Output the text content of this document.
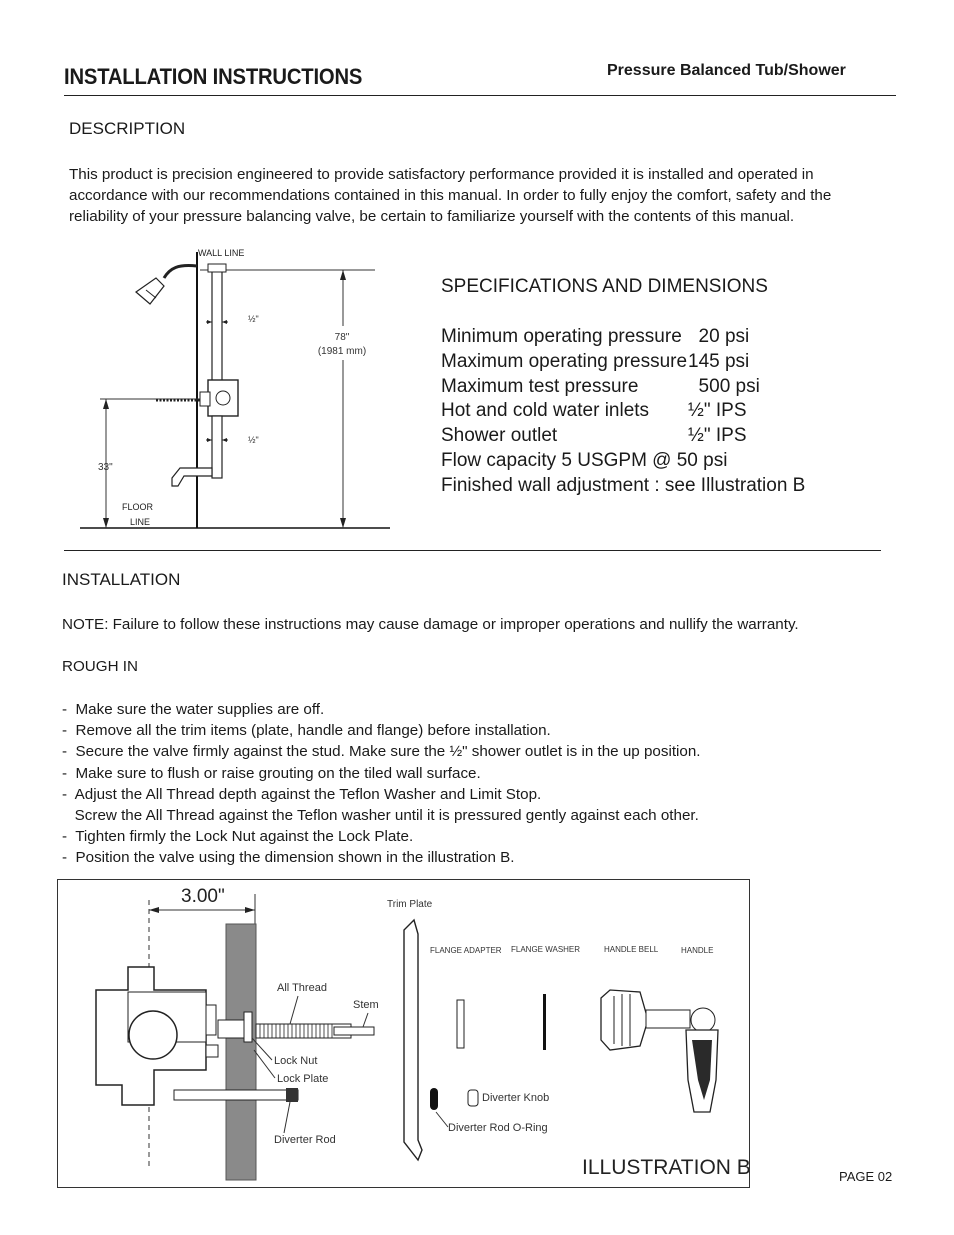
INSTALLATION INSTRUCTIONS	Pressure Balanced Tub/Shower
DESCRIPTION
This product is precision engineered to provide satisfactory performance provided it is installed and operated in
accordance with our recommendations contained in this manual. In order to fully enjoy the comfort, safety and the
reliability of your pressure balancing valve, be certain to familiarize yourself with the contents of this manual.
WALL LINE
FLOOR
LINE
78"
(1981 mm)
33"
½"
½"
SPECIFICATIONS AND DIMENSIONS
Minimum operating pressure 20 psi
Maximum operating pressure 145 psi
Maximum test pressure	500 psi
Hot and cold water inlets ½" IPS
Shower outlet	½" IPS
Flow capacity 5 USGPM @ 50 psi
Finished wall adjustment : see Illustration B
INSTALLATION
NOTE: Failure to follow these instructions may cause damage or improper operations and nullify the warranty.
ROUGH IN
-  Make sure the water supplies are off.
-  Remove all the trim items (plate, handle and flange) before installation.
-  Secure the valve firmly against the stud. Make sure the ½" shower outlet is in the up position.
-  Make sure to flush or raise grouting on the tiled wall surface.
-  Adjust the All Thread depth against the Teflon Washer and Limit Stop.
Screw the All Thread against the Teflon washer until it is pressured gently against each other.
-  Tighten firmly the Lock Nut against the Lock Plate.
-  Position the valve using the dimension shown in the illustration B.
3.00"
All Thread
Stem
Lock Nut
Lock Plate
Diverter Rod
Trim Plate
FLANGE ADAPTER FLANGE WASHER	HANDLE BELL	HANDLE
Diverter Knob
Diverter Rod O-Ring
ILLUSTRATION B	PAGE 02
